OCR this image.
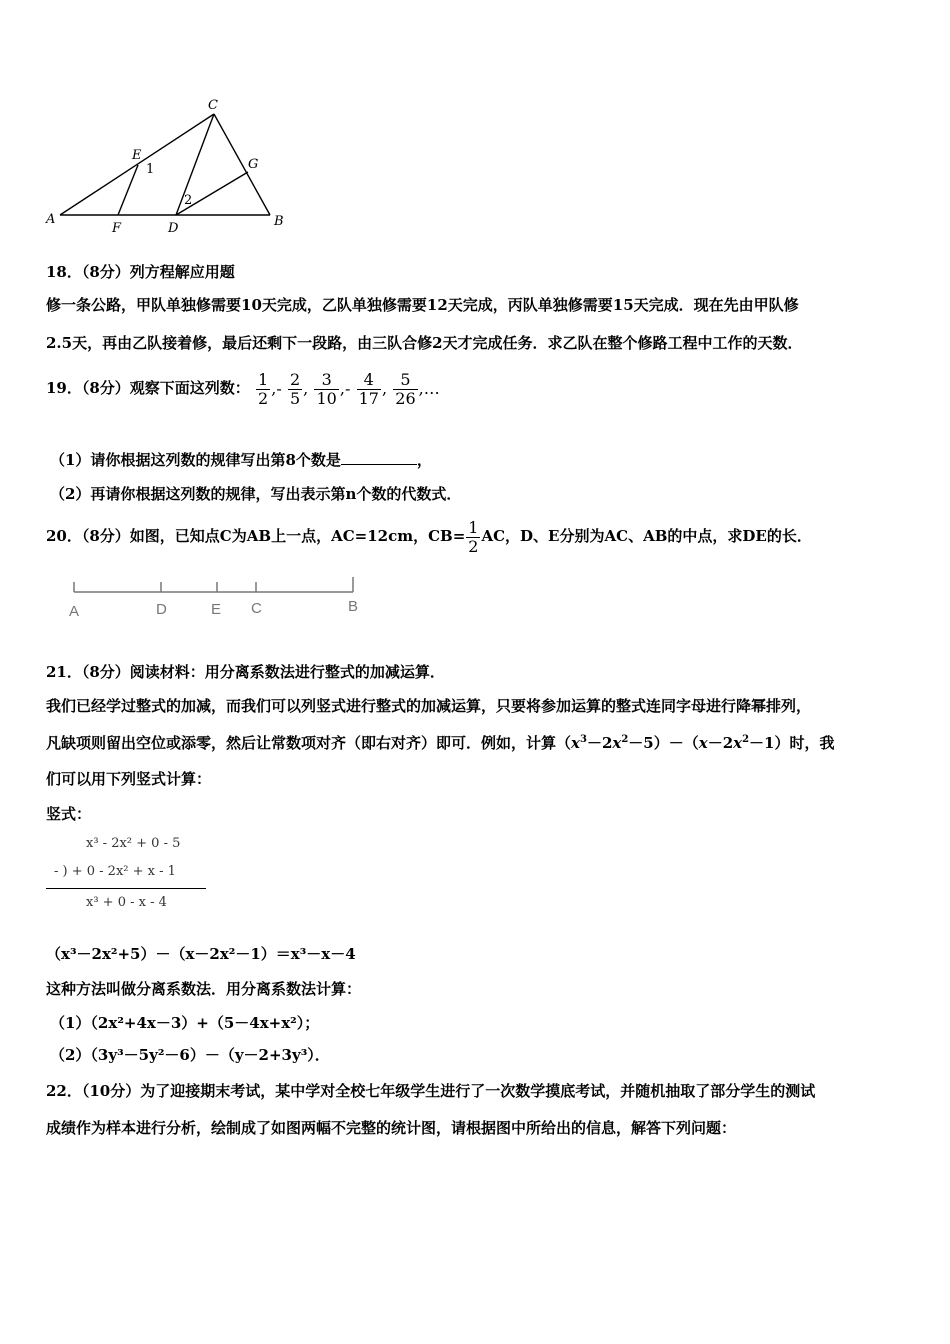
C
E
1	G
2
A
F	D	B
18．（8分）列方程解应用题
修一条公路，甲队单独修需要10天完成，乙队单独修需要12天完成，丙队单独修需要15天完成．现在先由甲队修
2.5天，再由乙队接着修，最后还剩下一段路，由三队合修2天才完成任务．求乙队在整个修路工程中工作的天数．
19．（8分）观察下面这列数： $\frac{1}{2}$ ,- $\frac{2}{5}$ , $\frac{3}{10}$ ,- $\frac{4}{17}$ , $\frac{5}{26}$ ,…
（1）请你根据这列数的规律写出第8个数是	，
（2）再请你根据这列数的规律，写出表示第n个数的代数式．
20．（8分）如图，已知点C为AB上一点，AC=12cm，$CB= \frac{1}{2}$ AC，D、E分别为AC、AB的中点，求DE的长．
A	D	E C	B
21．（8分）阅读材料：用分离系数法进行整式的加减运算．
我们已经学过整式的加减，而我们可以列竖式进行整式的加减运算，只要将参加运算的整式连同字母进行降幂排列，
凡缺项则留出空位或添零，然后让常数项对齐（即右对齐）即可．例如，计算$(x^3-2x^2-5)-(x-2x^2-1)$时，我
们可以用下列竖式计算：
竖式：
x³ - 2x² + 0 - 5
- ) + 0 - 2x² + x - 1
x³ + 0 - x - 4
（x³－2x²+5）－（x－2x²－1）＝x³－x－4
这种方法叫做分离系数法．用分离系数法计算：
（1）（2x²+4x－3）+（5－4x+x²）；
（2）（3y³－5y²－6）－（y－2+3y³）．
22．（10分）为了迎接期末考试，某中学对全校七年级学生进行了一次数学摸底考试，并随机抽取了部分学生的测试
成绩作为样本进行分析，绘制成了如图两幅不完整的统计图，请根据图中所给出的信息，解答下列问题：
